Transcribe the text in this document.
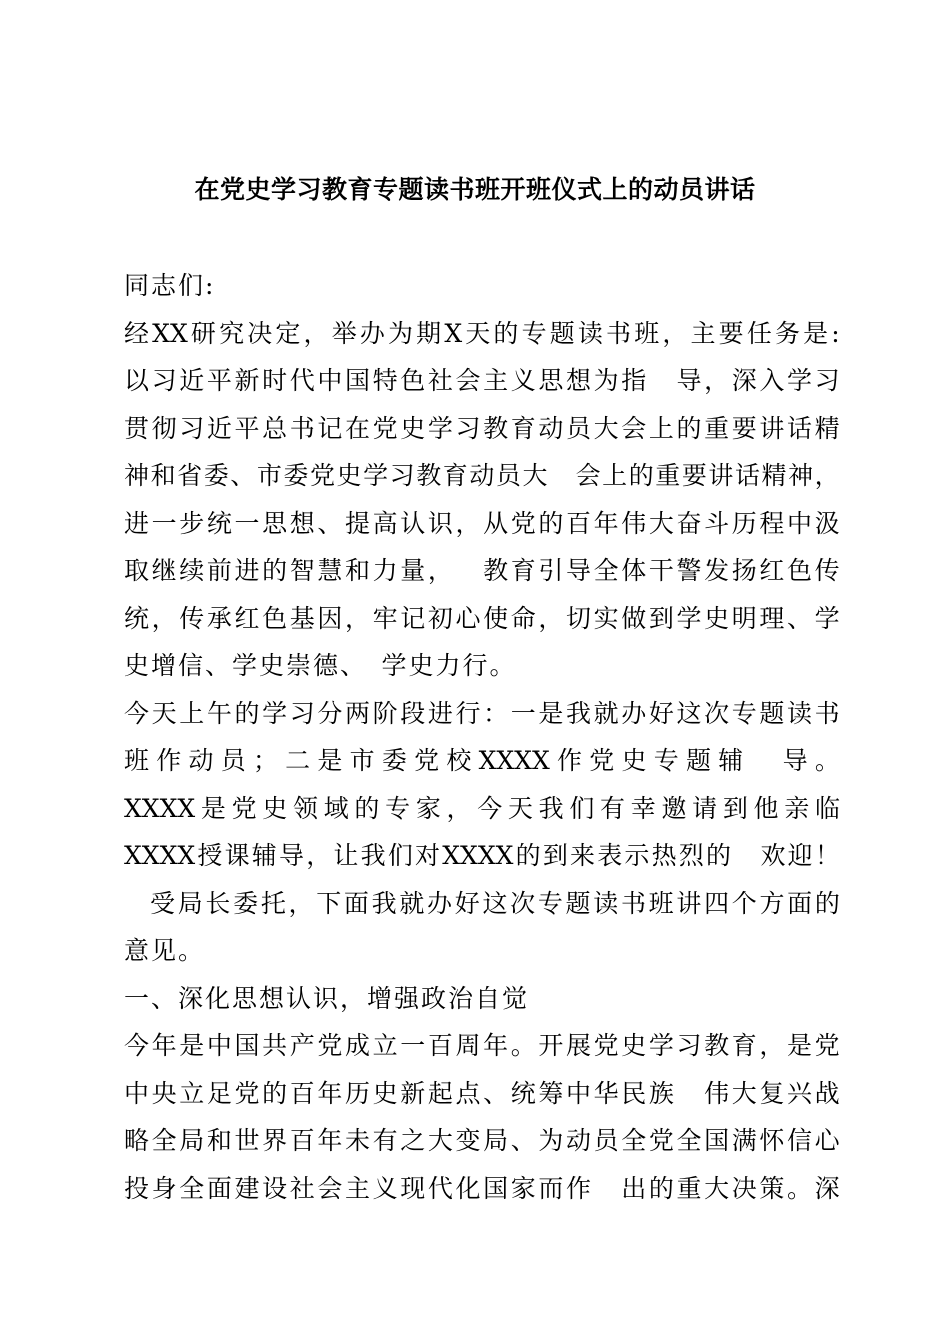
在党史学习教育专题读书班开班仪式上的动员讲话
同志们:
经 XX 研 究 决 定 ， 举 办 为 期 X 天 的 专 题 读 书 班 ， 主 要 任 务 是 :
以 习 近 平 新 时 代 中 国 特 色 社 会 主 义 思 想 为 指
　 导 ， 深 入 学 习
贯 彻 习 近 平 总 书 记 在 党 史 学 习 教 育 动 员 大 会 上 的 重 要 讲 话 精
神 和 省 委 、 市 委 党 史 学 习 教 育 动 员 大
　 会 上 的 重 要 讲 话 精 神 ，
进 一 步 统 一 思 想 、 提 高 认 识 ， 从 党 的 百 年 伟 大 奋 斗 历 程 中 汲
取 继 续 前 进 的 智 慧 和 力 量 ，
　 教 育 引 导 全 体 干 警 发 扬 红 色 传
统 ， 传 承 红 色 基 因 ， 牢 记 初 心 使 命 ， 切 实 做 到 学 史 明 理 、 学
史增信、学史崇德、　学史力行。
今 天 上 午 的 学 习 分 两 阶 段 进 行 ： 一 是 我 就 办 好 这 次 专 题 读 书
班 作 动 员 ； 二 是 市 委 党 校 XXXX 作 党 史 专 题 辅
　 导 。
XXXX 是 党 史 领 域 的 专 家 ， 今 天 我 们 有 幸 邀 请 到 他 亲 临
XXXX 授 课 辅 导 ， 让 我 们 对 XXXX 的 到 来 表 示 热 烈 的
　 欢 迎 ！
受 局 长 委 托 ， 下 面 我 就 办 好 这 次 专 题 读 书 班 讲 四 个 方 面 的
意见。
一、深化思想认识，增强政治自觉
今 年 是 中 国 共 产 党 成 立 一 百 周 年 。 开 展 党 史 学 习 教 育 ， 是 党
中 央 立 足 党 的 百 年 历 史 新 起 点 、 统 筹 中 华 民 族
　 伟 大 复 兴 战
略 全 局 和 世 界 百 年 未 有 之 大 变 局 、 为 动 员 全 党 全 国 满 怀 信 心
投 身 全 面 建 设 社 会 主 义 现 代 化 国 家 而 作
　 出 的 重 大 决 策 。 深
